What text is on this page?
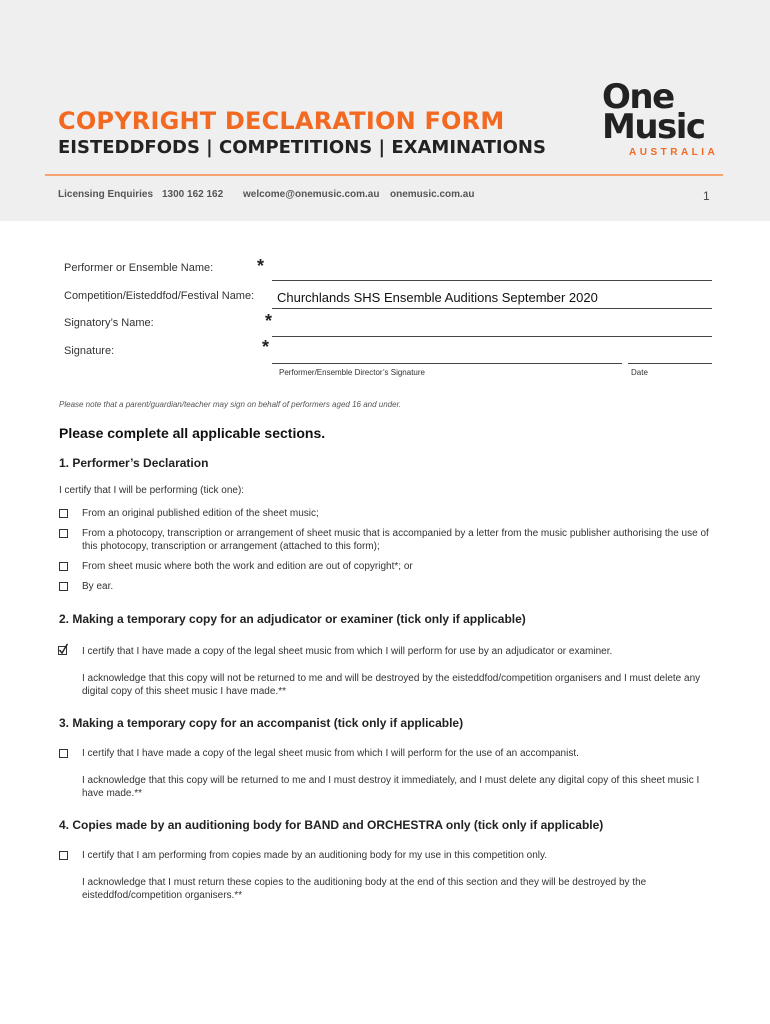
COPYRIGHT DECLARATION FORM
EISTEDDFODS | COMPETITIONS | EXAMINATIONS
One
Music
AUSTRALIA
Licensing Enquiries 1300 162 162 welcome@onemusic.com.au onemusic.com.au	1
Performer or Ensemble Name: *
Competition/Eisteddfod/Festival Name: Churchlands SHS Ensemble Auditions September 2020
Signatory’s Name:	*
Signature:	*
Performer/Ensemble Director’s Signature	Date
Please note that a parent/guardian/teacher may sign on behalf of performers aged 16 and under.
Please complete all applicable sections.
1. Performer’s Declaration
I certify that I will be performing (tick one):
From an original published edition of the sheet music;
From a photocopy, transcription or arrangement of sheet music that is accompanied by a letter from the music publisher authorising the use of this photocopy, transcription or arrangement (attached to this form);
From sheet music where both the work and edition are out of copyright*; or
By ear.
2. Making a temporary copy for an adjudicator or examiner (tick only if applicable)
I certify that I have made a copy of the legal sheet music from which I will perform for use by an adjudicator or examiner.
I acknowledge that this copy will not be returned to me and will be destroyed by the eisteddfod/competition organisers and I must delete any digital copy of this sheet music I have made.**
3. Making a temporary copy for an accompanist (tick only if applicable)
I certify that I have made a copy of the legal sheet music from which I will perform for the use of an accompanist.
I acknowledge that this copy will be returned to me and I must destroy it immediately, and I must delete any digital copy of this sheet music I have made.**
4. Copies made by an auditioning body for BAND and ORCHESTRA only (tick only if applicable)
I certify that I am performing from copies made by an auditioning body for my use in this competition only.
I acknowledge that I must return these copies to the auditioning body at the end of this section and they will be destroyed by the eisteddfod/competition organisers.**
